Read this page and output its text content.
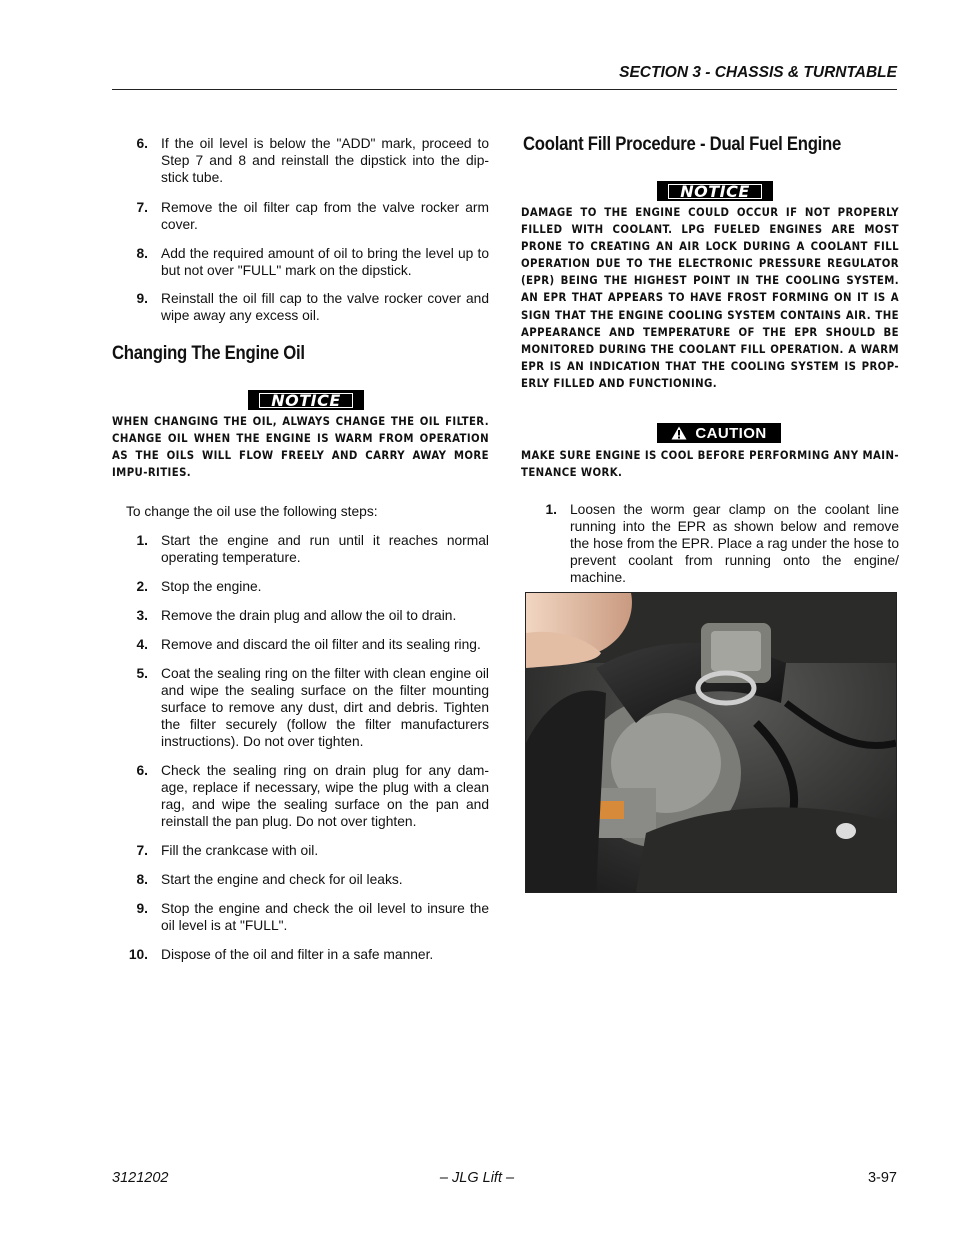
SECTION 3 - CHASSIS & TURNTABLE
6. If the oil level is below the "ADD" mark, proceed to Step 7 and 8 and reinstall the dipstick into the dip-stick tube.
7. Remove the oil filter cap from the valve rocker arm cover.
8. Add the required amount of oil to bring the level up to but not over "FULL" mark on the dipstick.
9. Reinstall the oil fill cap to the valve rocker cover and wipe away any excess oil.
Changing The Engine Oil
NOTICE
WHEN CHANGING THE OIL, ALWAYS CHANGE THE OIL FILTER. CHANGE OIL WHEN THE ENGINE IS WARM FROM OPERATION AS THE OILS WILL FLOW FREELY AND CARRY AWAY MORE IMPU-RITIES.
To change the oil use the following steps:
1. Start the engine and run until it reaches normal operating temperature.
2. Stop the engine.
3. Remove the drain plug and allow the oil to drain.
4. Remove and discard the oil filter and its sealing ring.
5. Coat the sealing ring on the filter with clean engine oil and wipe the sealing surface on the filter mounting surface to remove any dust, dirt and debris. Tighten the filter securely (follow the filter manufacturers instructions). Do not over tighten.
6. Check the sealing ring on drain plug for any dam-age, replace if necessary, wipe the plug with a clean rag, and wipe the sealing surface on the pan and reinstall the pan plug. Do not over tighten.
7. Fill the crankcase with oil.
8. Start the engine and check for oil leaks.
9. Stop the engine and check the oil level to insure the oil level is at "FULL".
10. Dispose of the oil and filter in a safe manner.
Coolant Fill Procedure - Dual Fuel Engine
NOTICE
DAMAGE TO THE ENGINE COULD OCCUR IF NOT PROPERLY FILLED WITH COOLANT. LPG FUELED ENGINES ARE MOST PRONE TO CREATING AN AIR LOCK DURING A COOLANT FILL OPERATION DUE TO THE ELECTRONIC PRESSURE REGULATOR (EPR) BEING THE HIGHEST POINT IN THE COOLING SYSTEM. AN EPR THAT APPEARS TO HAVE FROST FORMING ON IT IS A SIGN THAT THE ENGINE COOLING SYSTEM CONTAINS AIR. THE APPEARANCE AND TEMPERATURE OF THE EPR SHOULD BE MONITORED DURING THE COOLANT FILL OPERATION. A WARM EPR IS AN INDICATION THAT THE COOLING SYSTEM IS PROP-ERLY FILLED AND FUNCTIONING.
CAUTION
MAKE SURE ENGINE IS COOL BEFORE PERFORMING ANY MAIN-TENANCE WORK.
1. Loosen the worm gear clamp on the coolant line running into the EPR as shown below and remove the hose from the EPR. Place a rag under the hose to prevent coolant from running onto the engine/ machine.
3121202	– JLG Lift –	3-97
